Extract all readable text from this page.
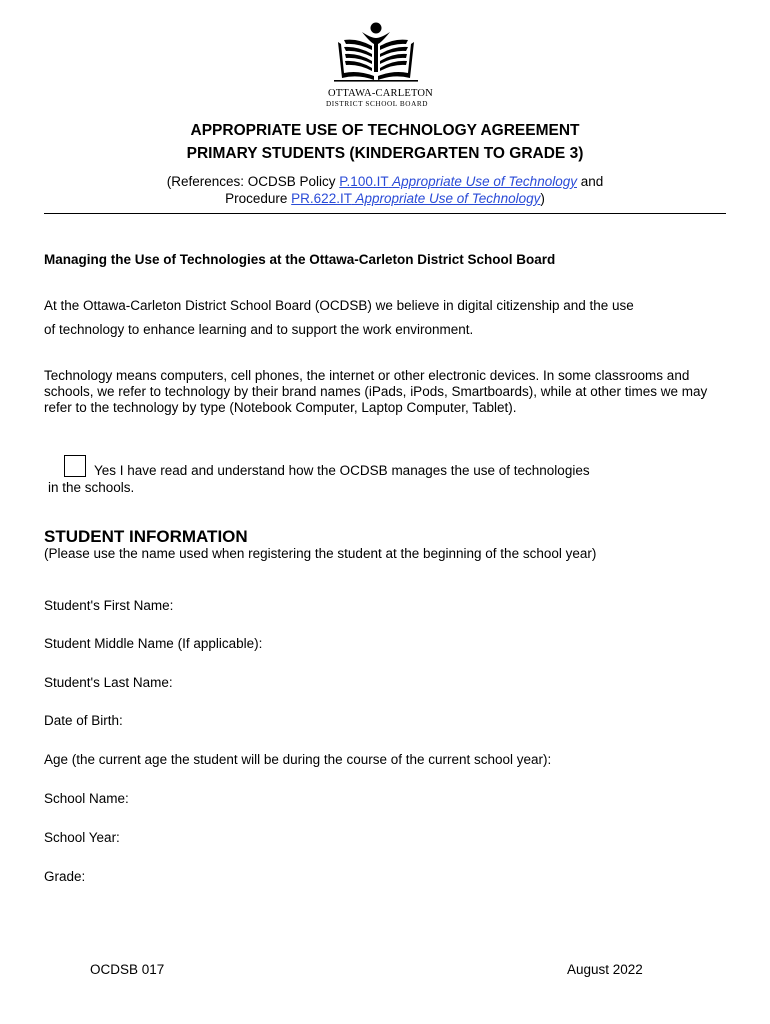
OTTAWA-CARLETON
DISTRICT SCHOOL BOARD
APPROPRIATE USE OF TECHNOLOGY AGREEMENT
PRIMARY STUDENTS (KINDERGARTEN TO GRADE 3)
(References: OCDSB Policy P.100.IT Appropriate Use of Technology and
Procedure PR.622.IT Appropriate Use of Technology)
Managing the Use of Technologies at the Ottawa-Carleton District School Board
At the Ottawa-Carleton District School Board (OCDSB) we believe in digital citizenship and the use
of technology to enhance learning and to support the work environment.
Technology means computers, cell phones, the internet or other electronic devices. In some classrooms and schools, we refer to technology by their brand names (iPads, iPods, Smartboards), while at other times we may refer to the technology by type (Notebook Computer, Laptop Computer, Tablet).
Yes I have read and understand how the OCDSB manages the use of technologies
in the schools.
STUDENT INFORMATION
(Please use the name used when registering the student at the beginning of the school year)
Student's First Name:
Student Middle Name (If applicable):
Student's Last Name:
Date of Birth:
Age (the current age the student will be during the course of the current school year):
School Name:
School Year:
Grade:
OCDSB 017	August 2022
